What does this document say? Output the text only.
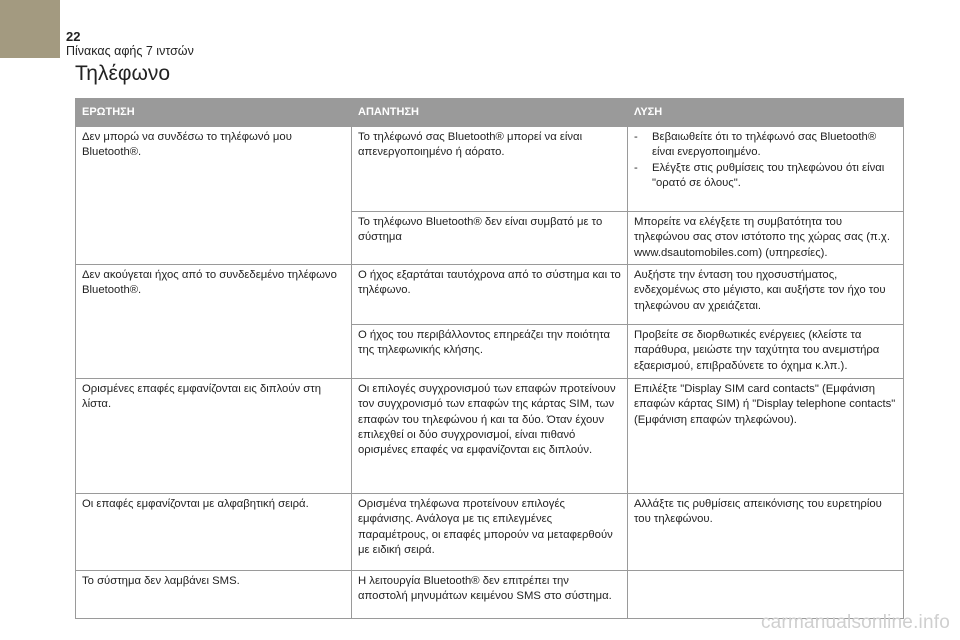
22
Πίνακας αφής 7 ιντσών
Τηλέφωνο
ΕΡΩΤΗΣΗ	ΑΠΑΝΤΗΣΗ	ΛΥΣΗ
Δεν μπορώ να συνδέσω το τηλέφωνό μου Bluetooth®.	Το τηλέφωνό σας Bluetooth® μπορεί να είναι απενεργοποιημένο ή αόρατο.	- Βεβαιωθείτε ότι το τηλέφωνό σας Bluetooth® είναι ενεργοποιημένο.
- Ελέγξτε στις ρυθμίσεις του τηλεφώνου ότι είναι "ορατό σε όλους".

	Το τηλέφωνο Bluetooth® δεν είναι συμβατό με το σύστημα	Μπορείτε να ελέγξετε τη συμβατότητα του τηλεφώνου σας στον ιστότοπο της χώρας σας (π.χ. www.dsautomobiles.com) (υπηρεσίες).
Δεν ακούγεται ήχος από το συνδεδεμένο τηλέφωνο Bluetooth®.	Ο ήχος εξαρτάται ταυτόχρονα από το σύστημα και το τηλέφωνο.	Αυξήστε την ένταση του ηχοσυστήματος, ενδεχομένως στο μέγιστο, και αυξήστε τον ήχο του τηλεφώνου αν χρειάζεται.
	Ο ήχος του περιβάλλοντος επηρεάζει την ποιότητα της τηλεφωνικής κλήσης.	Προβείτε σε διορθωτικές ενέργειες (κλείστε τα παράθυρα, μειώστε την ταχύτητα του ανεμιστήρα εξαερισμού, επιβραδύνετε το όχημα κ.λπ.).
Ορισμένες επαφές εμφανίζονται εις διπλούν στη λίστα.	Οι επιλογές συγχρονισμού των επαφών προτείνουν τον συγχρονισμό των επαφών της κάρτας SIM, των επαφών του τηλεφώνου ή και τα δύο. Όταν έχουν επιλεχθεί οι δύο συγχρονισμοί, είναι πιθανό ορισμένες επαφές να εμφανίζονται εις διπλούν.	Επιλέξτε "Display SIM card contacts" (Εμφάνιση επαφών κάρτας SIM) ή "Display telephone contacts" (Εμφάνιση επαφών τηλεφώνου).
Οι επαφές εμφανίζονται με αλφαβητική σειρά.	Ορισμένα τηλέφωνα προτείνουν επιλογές εμφάνισης. Ανάλογα με τις επιλεγμένες παραμέτρους, οι επαφές μπορούν να μεταφερθούν με ειδική σειρά.	Αλλάξτε τις ρυθμίσεις απεικόνισης του ευρετηρίου του τηλεφώνου.
Το σύστημα δεν λαμβάνει SMS.	Η λειτουργία Bluetooth® δεν επιτρέπει την αποστολή μηνυμάτων κειμένου SMS στο σύστημα.	
carmanualsonline.info
